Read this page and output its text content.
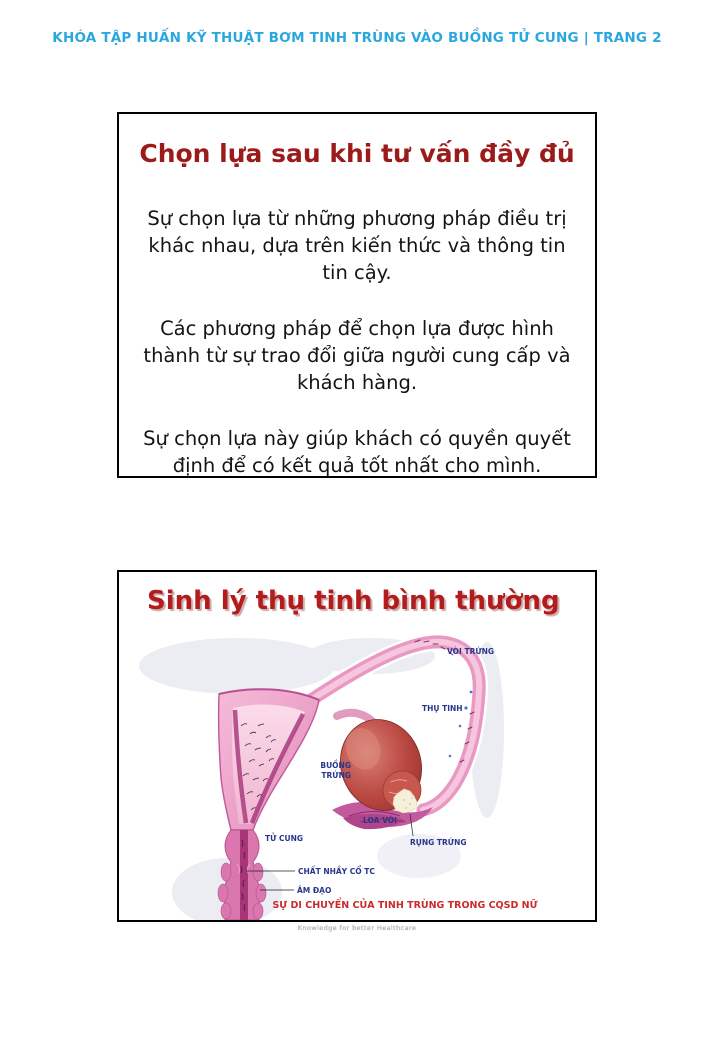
KHÓA TẬP HUẤN KỸ THUẬT BƠM TINH TRÙNG VÀO BUỒNG TỬ CUNG | TRANG 2
Chọn lựa sau khi tư vấn đầy đủ

Sự chọn lựa từ những phương pháp điều trị khác nhau, dựa trên kiến thức và thông tin tin cậy.

Các phương pháp để chọn lựa được hình thành từ sự trao đổi giữa người cung cấp và khách hàng.

Sự chọn lựa này giúp khách có quyền quyết định để có kết quả tốt nhất cho mình.

Sinh lý thụ tinh bình thường
VÒI TRỨNG
THỤ TINH
BUỒNG
TRỨNG
LOA VÒI
TỬ CUNG	RỤNG TRỨNG
CHẤT NHẦY CỔ TC
ÂM ĐẠO
SỰ DI CHUYỂN CỦA TINH TRÙNG TRONG CQSD NỮ
Knowledge for better Healthcare
